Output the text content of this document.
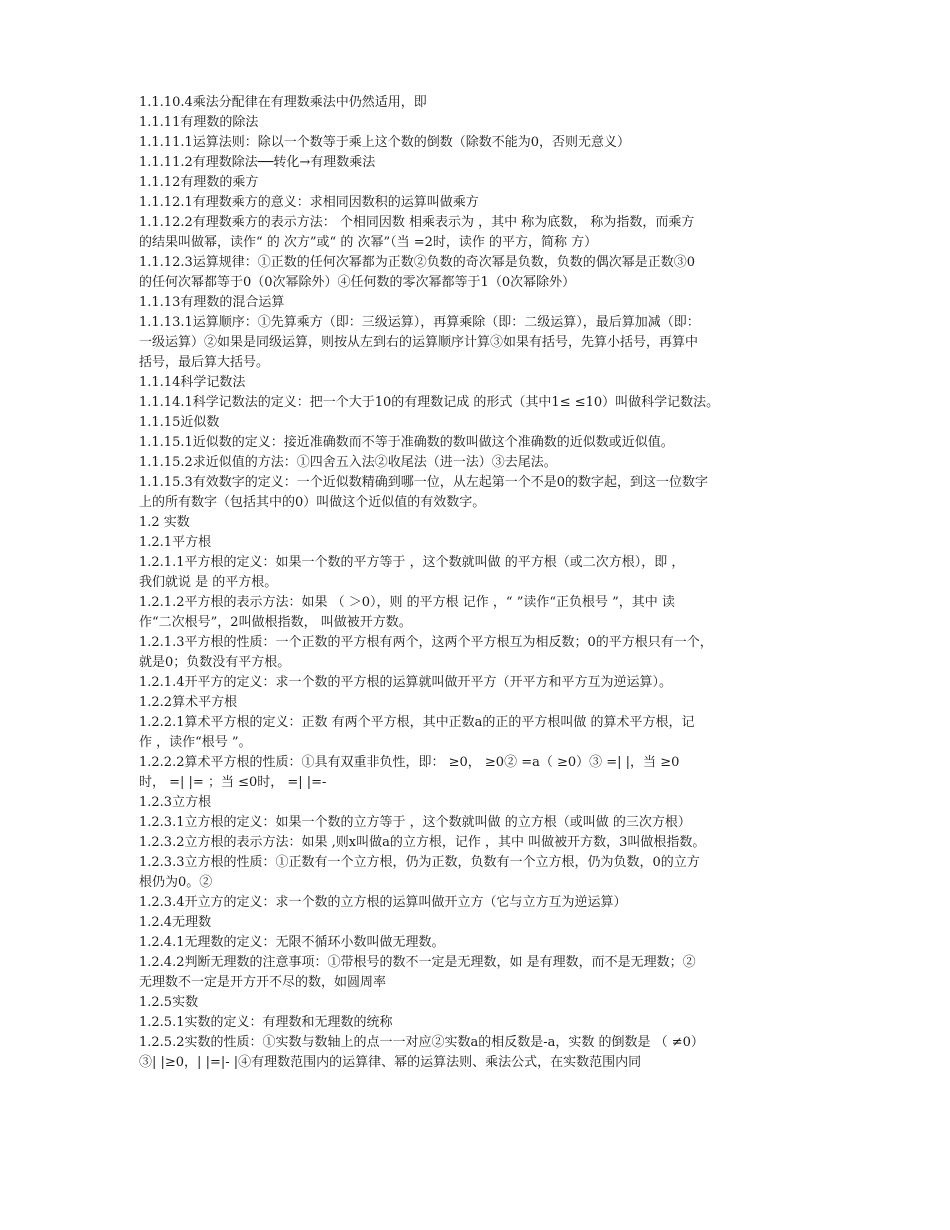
1.1.10.4乘法分配律在有理数乘法中仍然适用，即

1.1.11有理数的除法

1.1.11.1运算法则：除以一个数等于乘上这个数的倒数（除数不能为0，否则无意义）

1.1.11.2有理数除法──转化→有理数乘法

1.1.12有理数的乘方

1.1.12.1有理数乘方的意义：求相同因数积的运算叫做乘方

1.1.12.2有理数乘方的表示方法： 个相同因数 相乘表示为 ，其中 称为底数， 称为指数，而乘方

的结果叫做幂，读作“ 的 次方”或“ 的 次幂”（当 =2时，读作 的平方，简称 方）

1.1.12.3运算规律：①正数的任何次幂都为正数②负数的奇次幂是负数，负数的偶次幂是正数③0

的任何次幂都等于0（0次幂除外）④任何数的零次幂都等于1（0次幂除外）

1.1.13有理数的混合运算

1.1.13.1运算顺序：①先算乘方（即：三级运算），再算乘除（即：二级运算），最后算加减（即：

一级运算）②如果是同级运算，则按从左到右的运算顺序计算③如果有括号，先算小括号，再算中

括号，最后算大括号。

1.1.14科学记数法

1.1.14.1科学记数法的定义：把一个大于10的有理数记成 的形式（其中1≤ ≤10）叫做科学记数法。

1.1.15近似数

1.1.15.1近似数的定义：接近准确数而不等于准确数的数叫做这个准确数的近似数或近似值。

1.1.15.2求近似值的方法：①四舍五入法②收尾法（进一法）③去尾法。

1.1.15.3有效数字的定义：一个近似数精确到哪一位，从左起第一个不是0的数字起，到这一位数字

上的所有数字（包括其中的0）叫做这个近似值的有效数字。

1.2 实数

1.2.1平方根

1.2.1.1平方根的定义：如果一个数的平方等于 ，这个数就叫做 的平方根（或二次方根），即 ，

我们就说 是 的平方根。

1.2.1.2平方根的表示方法：如果 （ ＞0），则 的平方根 记作 ，“ ”读作“正负根号 ”，其中 读

作“二次根号”，2叫做根指数， 叫做被开方数。

1.2.1.3平方根的性质：一个正数的平方根有两个，这两个平方根互为相反数；0的平方根只有一个，

就是0；负数没有平方根。

1.2.1.4开平方的定义：求一个数的平方根的运算就叫做开平方（开平方和平方互为逆运算）。

1.2.2算术平方根

1.2.2.1算术平方根的定义：正数 有两个平方根，其中正数a的正的平方根叫做 的算术平方根，记

作 ，读作“根号 ”。

1.2.2.2算术平方根的性质：①具有双重非负性，即： ≥0， ≥0② =a（ ≥0）③ =| |，当 ≥0

时， =| |= ；当 ≤0时， =| |=-

1.2.3立方根

1.2.3.1立方根的定义：如果一个数的立方等于 ，这个数就叫做 的立方根（或叫做 的三次方根）

1.2.3.2立方根的表示方法：如果 ,则x叫做a的立方根，记作 ，其中 叫做被开方数，3叫做根指数。

1.2.3.3立方根的性质：①正数有一个立方根，仍为正数，负数有一个立方根，仍为负数，0的立方

根仍为0。②

1.2.3.4开立方的定义：求一个数的立方根的运算叫做开立方（它与立方互为逆运算）

1.2.4无理数

1.2.4.1无理数的定义：无限不循环小数叫做无理数。

1.2.4.2判断无理数的注意事项：①带根号的数不一定是无理数，如 是有理数，而不是无理数；②

无理数不一定是开方开不尽的数，如圆周率

1.2.5实数

1.2.5.1实数的定义：有理数和无理数的统称

1.2.5.2实数的性质：①实数与数轴上的点一一对应②实数a的相反数是-a，实数 的倒数是 （ ≠0）

③| |≥0，| |=|- |④有理数范围内的运算律、幂的运算法则、乘法公式，在实数范围内同
